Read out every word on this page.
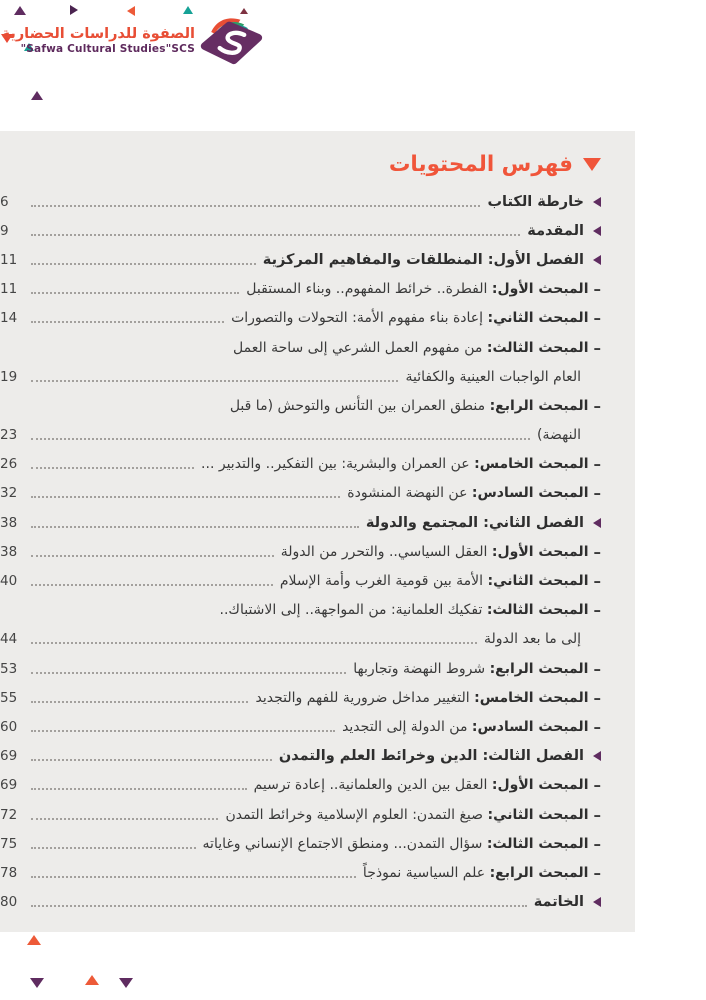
الصفوة للدراسات الحضارية
Safwa Cultural Studies"SCS"
فهرس المحتويات
خارطة الكتاب
6
المقدمة
9
الفصل الأول: المنطلقات والمفاهيم المركزية
11
–
المبحث الأول: الفطرة.. خرائط المفهوم.. وبناء المستقبل
11
–
المبحث الثاني: إعادة بناء مفهوم الأمة: التحولات والتصورات
14
–
المبحث الثالث: من مفهوم العمل الشرعي إلى ساحة العمل
العام الواجبات العينية والكفائية
19
–
المبحث الرابع: منطق العمران بين التأنس والتوحش (ما قبل
النهضة)
23
–
المبحث الخامس: عن العمران والبشرية: بين التفكير.. والتدبير ...
26
–
المبحث السادس: عن النهضة المنشودة
32
الفصل الثاني: المجتمع والدولة
38
–
المبحث الأول: العقل السياسي.. والتحرر من الدولة
38
–
المبحث الثاني: الأمة بين قومية الغرب وأمة الإسلام
40
–
المبحث الثالث: تفكيك العلمانية: من المواجهة.. إلى الاشتباك..
إلى ما بعد الدولة
44
–
المبحث الرابع: شروط النهضة وتجاربها
53
–
المبحث الخامس: التغيير مداخل ضرورية للفهم والتجديد
55
–
المبحث السادس: من الدولة إلى التجديد
60
الفصل الثالث: الدين وخرائط العلم والتمدن
69
–
المبحث الأول: العقل بين الدين والعلمانية.. إعادة ترسيم
69
–
المبحث الثاني: صيغ التمدن: العلوم الإسلامية وخرائط التمدن
72
–
المبحث الثالث: سؤال التمدن... ومنطق الاجتماع الإنساني وغاياته
75
–
المبحث الرابع: علم السياسية نموذجاً
78
الخاتمة
80
